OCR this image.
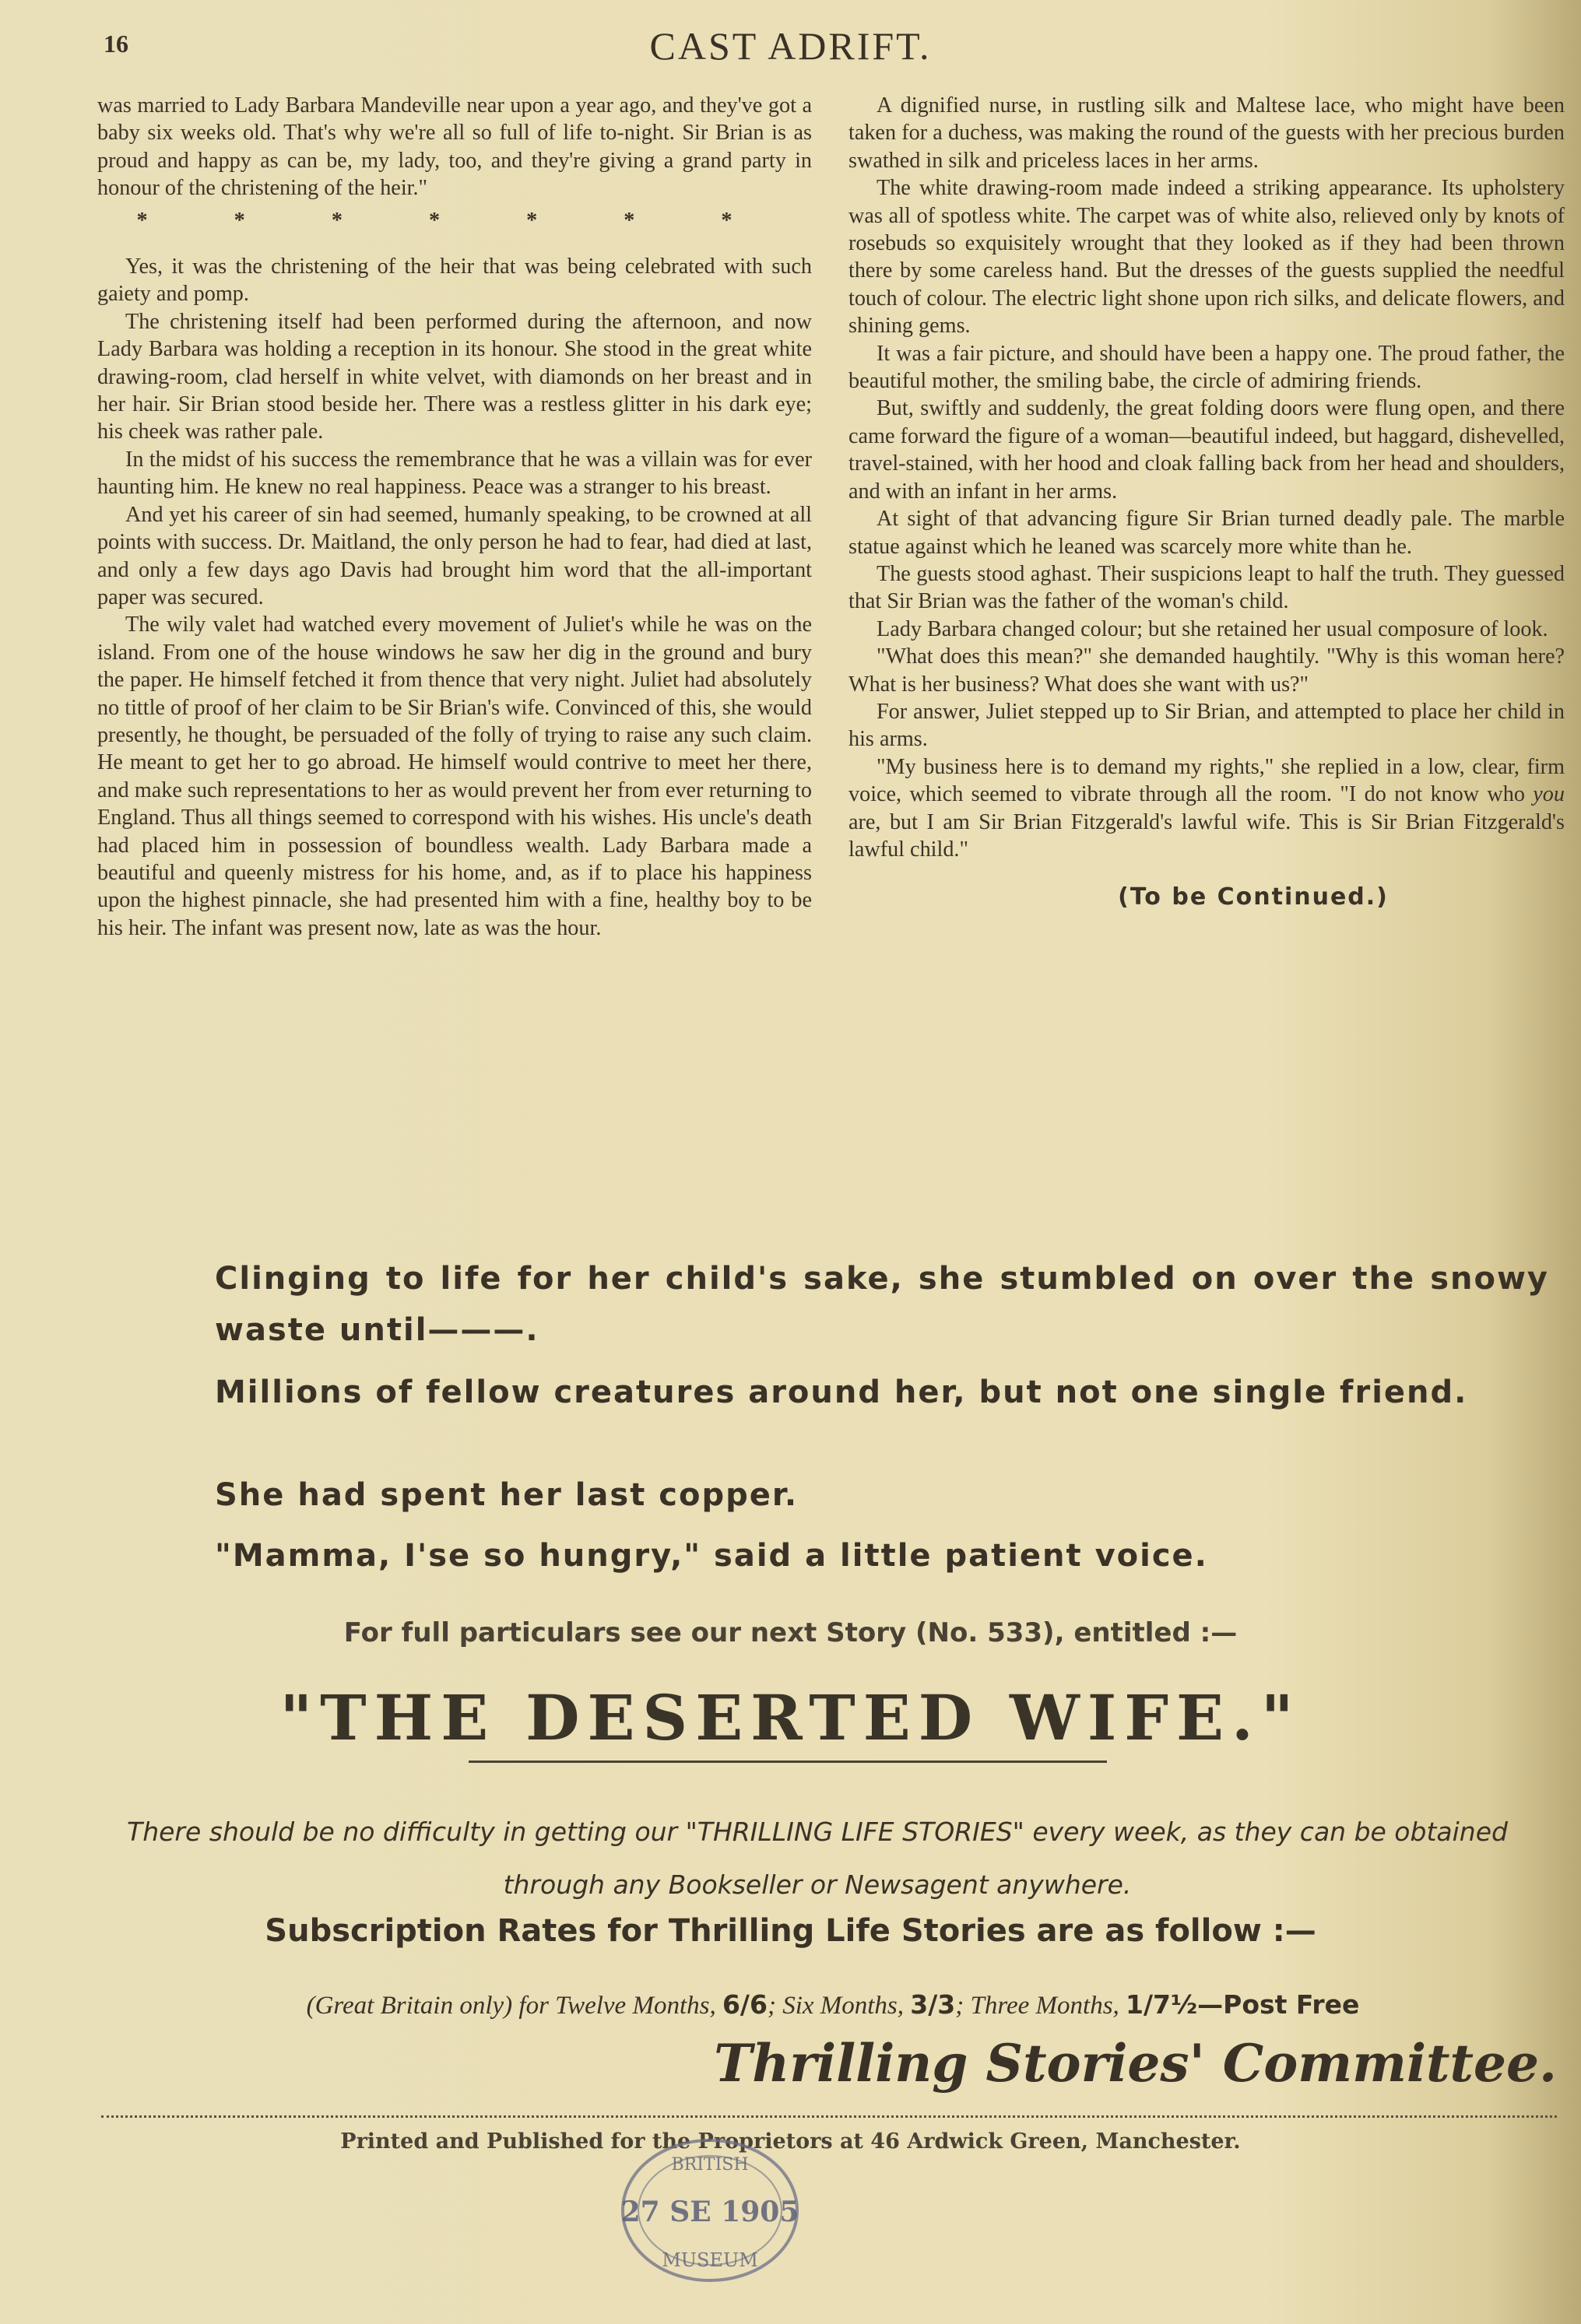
16	CAST ADRIFT.

was married to Lady Barbara Mandeville near upon a year ago, and they've got a baby six weeks old. That's why we're all so full of life to-night. Sir Brian is as proud and happy as can be, my lady, too, and they're giving a grand party in honour of the christening of the heir."

* * * * * * *

Yes, it was the christening of the heir that was being celebrated with such gaiety and pomp.

The christening itself had been performed during the afternoon, and now Lady Barbara was holding a reception in its honour. She stood in the great white drawing-room, clad herself in white velvet, with diamonds on her breast and in her hair. Sir Brian stood beside her. There was a restless glitter in his dark eye; his cheek was rather pale.

In the midst of his success the remembrance that he was a villain was for ever haunting him. He knew no real happiness. Peace was a stranger to his breast.

And yet his career of sin had seemed, humanly speaking, to be crowned at all points with success. Dr. Maitland, the only person he had to fear, had died at last, and only a few days ago Davis had brought him word that the all-important paper was secured.

The wily valet had watched every movement of Juliet's while he was on the island. From one of the house windows he saw her dig in the ground and bury the paper. He himself fetched it from thence that very night. Juliet had absolutely no tittle of proof of her claim to be Sir Brian's wife. Convinced of this, she would presently, he thought, be persuaded of the folly of trying to raise any such claim. He meant to get her to go abroad. He himself would contrive to meet her there, and make such representations to her as would prevent her from ever returning to England. Thus all things seemed to correspond with his wishes. His uncle's death had placed him in possession of boundless wealth. Lady Barbara made a beautiful and queenly mistress for his home, and, as if to place his happiness upon the highest pinnacle, she had presented him with a fine, healthy boy to be his heir. The infant was present now, late as was the hour.

A dignified nurse, in rustling silk and Maltese lace, who might have been taken for a duchess, was making the round of the guests with her precious burden swathed in silk and priceless laces in her arms.

The white drawing-room made indeed a striking appearance. Its upholstery was all of spotless white. The carpet was of white also, relieved only by knots of rosebuds so exquisitely wrought that they looked as if they had been thrown there by some careless hand. But the dresses of the guests supplied the needful touch of colour. The electric light shone upon rich silks, and delicate flowers, and shining gems.

It was a fair picture, and should have been a happy one. The proud father, the beautiful mother, the smiling babe, the circle of admiring friends.

But, swiftly and suddenly, the great folding doors were flung open, and there came forward the figure of a woman—beautiful indeed, but haggard, dishevelled, travel-stained, with her hood and cloak falling back from her head and shoulders, and with an infant in her arms.

At sight of that advancing figure Sir Brian turned deadly pale. The marble statue against which he leaned was scarcely more white than he.

The guests stood aghast. Their suspicions leapt to half the truth. They guessed that Sir Brian was the father of the woman's child.

Lady Barbara changed colour; but she retained her usual composure of look.

"What does this mean?" she demanded haughtily. "Why is this woman here? What is her business? What does she want with us?"

For answer, Juliet stepped up to Sir Brian, and attempted to place her child in his arms.

"My business here is to demand my rights," she replied in a low, clear, firm voice, which seemed to vibrate through all the room. "I do not know who you are, but I am Sir Brian Fitzgerald's lawful wife. This is Sir Brian Fitzgerald's lawful child."

(To be Continued.)

Clinging to life for her child's sake, she stumbled on over the snowy waste until———.

Millions of fellow creatures around her, but not one single friend.

She had spent her last copper.
"Mamma, I'se so hungry," said a little patient voice.
For full particulars see our next Story (No. 533), entitled :—
"THE DESERTED WIFE."
There should be no difficulty in getting our "THRILLING LIFE STORIES" every week, as they can be obtained through any Bookseller or Newsagent anywhere.
Subscription Rates for Thrilling Life Stories are as follow :—
(Great Britain only) for Twelve Months, 6/6; Six Months, 3/3; Three Months, 1/7½—Post Free
Thrilling Stories' Committee.
Printed and Published for the Proprietors at 46 Ardwick Green, Manchester.
BRITISH
27 SE 1905
MUSEUM
